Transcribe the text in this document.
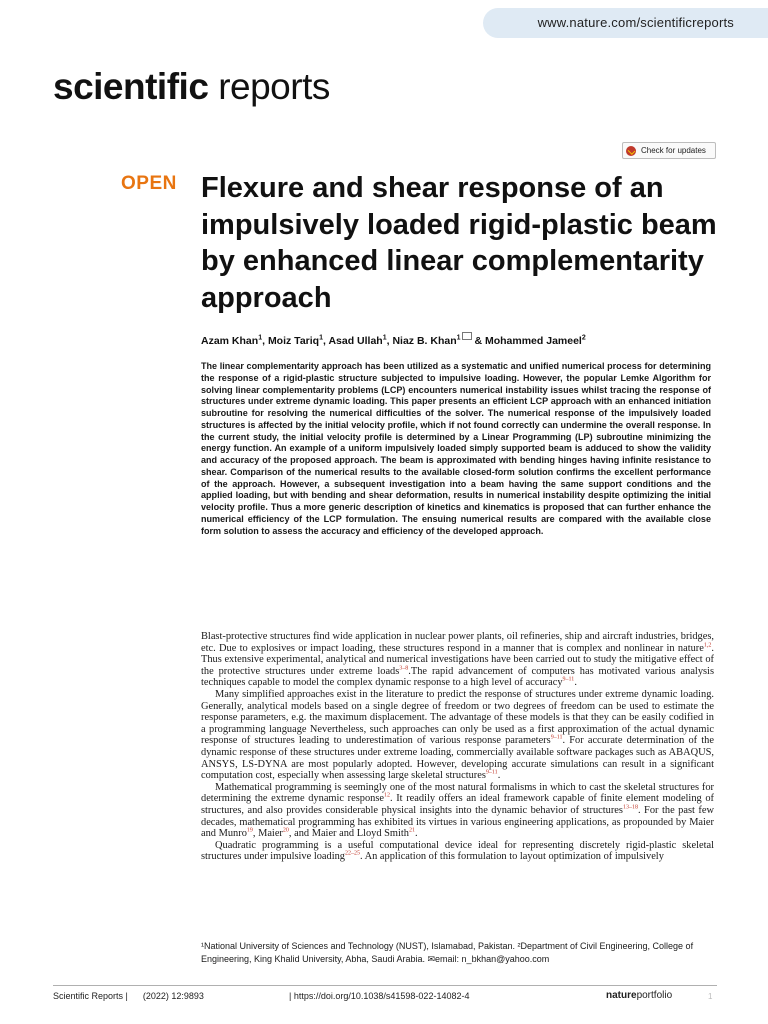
www.nature.com/scientificreports
scientific reports
Check for updates
OPEN Flexure and shear response of an impulsively loaded rigid-plastic beam by enhanced linear complementarity approach
Azam Khan$^1$, Moiz Tariq$^1$, Asad Ullah$^1$, Niaz B. Khan$^1$ & Mohammed Jameel$^2$

The linear complementarity approach has been utilized as a systematic and unified numerical process for determining the response of a rigid-plastic structure subjected to impulsive loading. However, the popular Lemke Algorithm for solving linear complementarity problems (LCP) encounters numerical instability issues whilst tracing the response of structures under extreme dynamic loading. This paper presents an efficient LCP approach with an enhanced initiation subroutine for resolving the numerical difficulties of the solver. The numerical response of the impulsively loaded structures is affected by the initial velocity profile, which if not found correctly can undermine the overall response. In the current study, the initial velocity profile is determined by a Linear Programming (LP) subroutine minimizing the energy function. An example of a uniform impulsively loaded simply supported beam is adduced to show the validity and accuracy of the proposed approach. The beam is approximated with bending hinges having infinite resistance to shear. Comparison of the numerical results to the available closed-form solution confirms the excellent performance of the approach. However, a subsequent investigation into a beam having the same support conditions and the applied loading, but with bending and shear deformation, results in numerical instability despite optimizing the initial velocity profile. Thus a more generic description of kinetics and kinematics is proposed that can further enhance the numerical efficiency of the LCP formulation. The ensuing numerical results are compared with the available close form solution to assess the accuracy and efficiency of the developed approach.

Blast-protective structures find wide application in nuclear power plants, oil refineries, ship and aircraft industries, bridges, etc. Due to explosives or impact loading, these structures respond in a manner that is complex and nonlinear in nature$^{1,2}$. Thus extensive experimental, analytical and numerical investigations have been carried out to study the mitigative effect of the protective structures under extreme loads$^{3-8}$.The rapid advancement of computers has motivated various analysis techniques capable to model the complex dynamic response to a high level of accuracy$^{9-11}$.

Many simplified approaches exist in the literature to predict the response of structures under extreme dynamic loading. Generally, analytical models based on a single degree of freedom or two degrees of freedom can be used to estimate the response parameters, e.g. the maximum displacement. The advantage of these models is that they can be easily codified in a programming language Nevertheless, such approaches can only be used as a first approximation of the actual dynamic response of structures leading to underestimation of various response parameters$^{9-11}$. For accurate determination of the dynamic response of these structures under extreme loading, commercially available software packages such as ABAQUS, ANSYS, LS-DYNA are most popularly adopted. However, developing accurate simulations can result in a significant computation cost, especially when assessing large skeletal structures$^{9-11}$.

Mathematical programming is seemingly one of the most natural formalisms in which to cast the skeletal structures for determining the extreme dynamic response$^{12}$. It readily offers an ideal framework capable of finite element modeling of structures, and also provides considerable physical insights into the dynamic behavior of structures$^{13-18}$. For the past few decades, mathematical programming has exhibited its virtues in various engineering applications, as propounded by Maier and Munro$^{19}$, Maier$^{20}$, and Maier and Lloyd Smith$^{21}$.

Quadratic programming is a useful computational device ideal for representing discretely rigid-plastic skeletal structures under impulsive loading$^{22-25}$. An application of this formulation to layout optimization of impulsively

¹National University of Sciences and Technology (NUST), Islamabad, Pakistan. ²Department of Civil Engineering, College of Engineering, King Khalid University, Abha, Saudi Arabia. ✉email: n_bkhan@yahoo.com

Scientific Reports | (2022) 12:9893	| https://doi.org/10.1038/s41598-022-14082-4	natureportfolio	1
